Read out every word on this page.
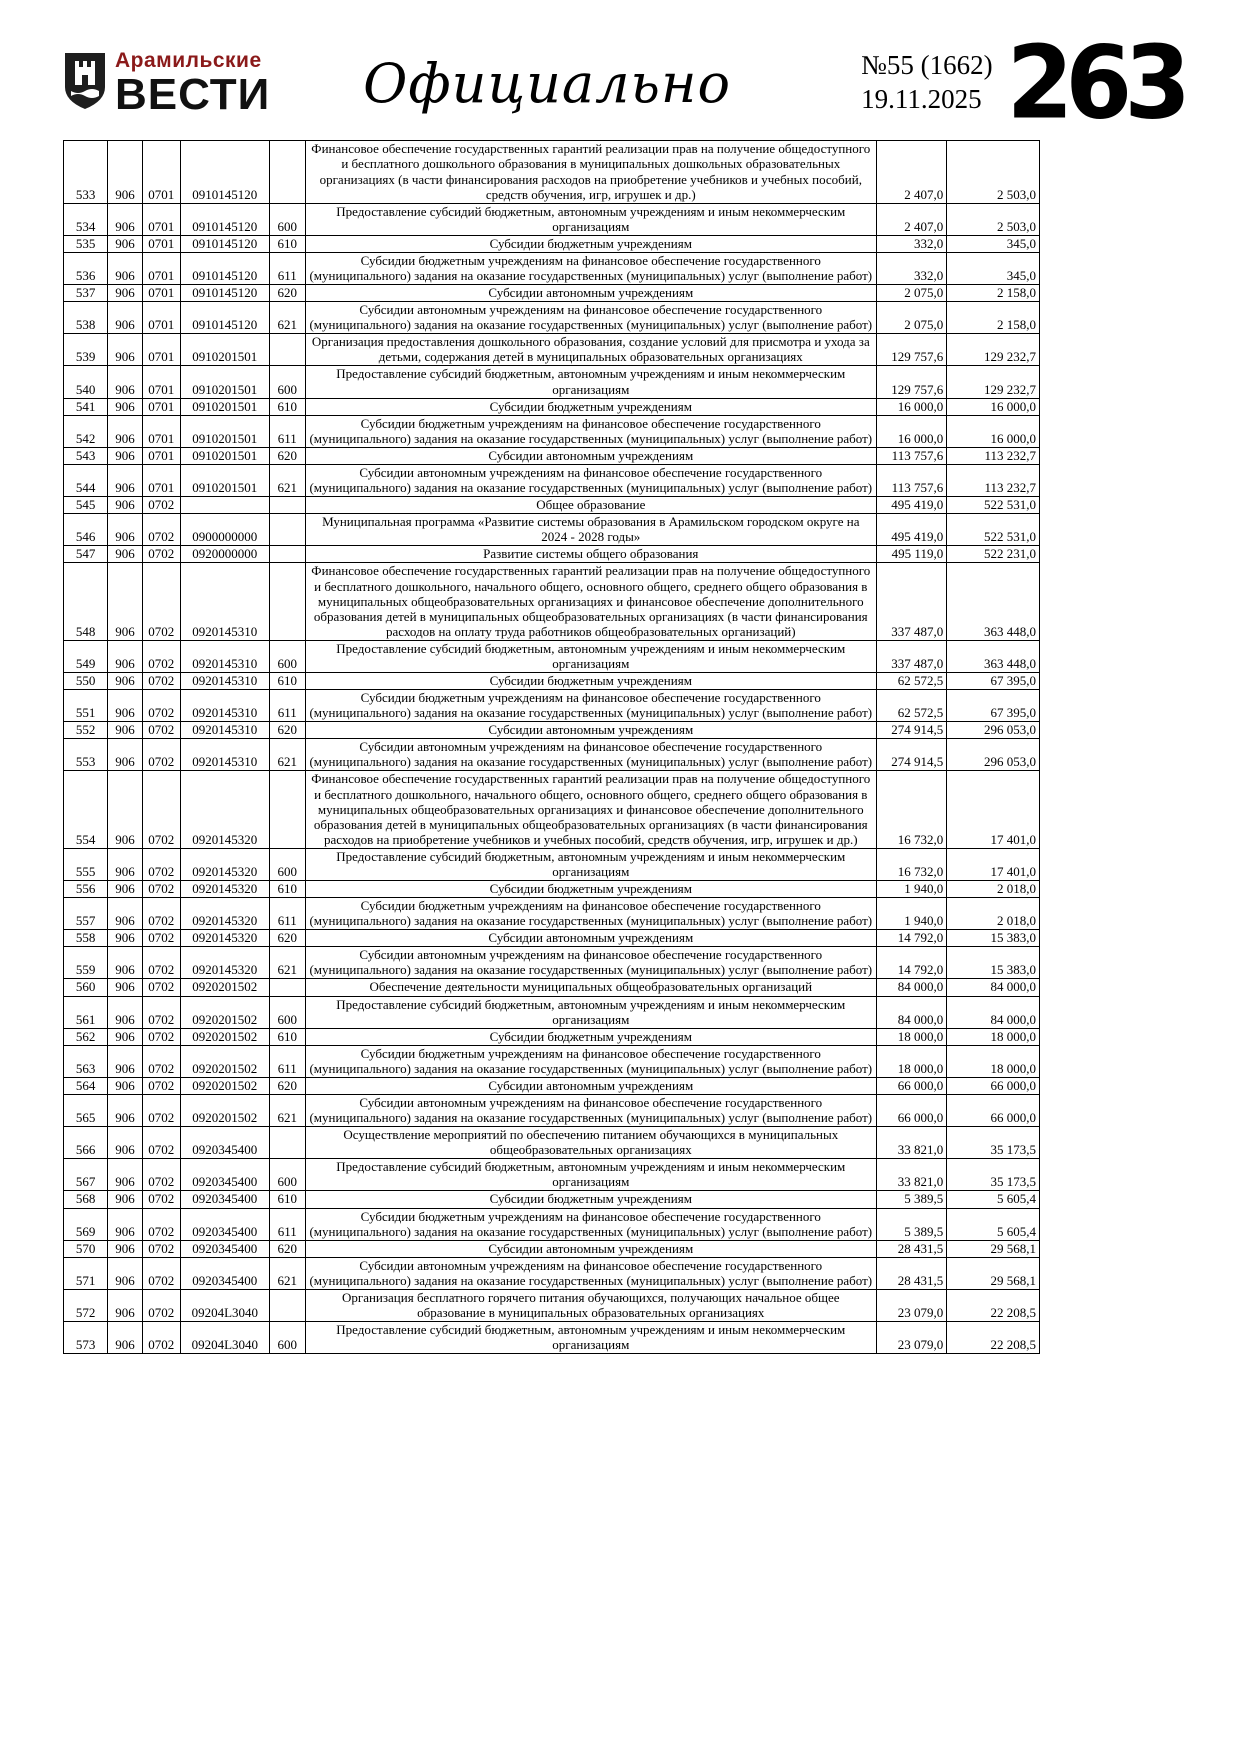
Арамильские
ВЕСТИ	Официально	№55 (1662)
19.11.2025 263
533	906	0701	0910145120		Финансовое обеспечение государственных гарантий реализации прав на получение общедоступного и бесплатного дошкольного образования в муниципальных дошкольных образовательных организациях (в части финансирования расходов на приобретение учебников и учебных пособий, средств обучения, игр, игрушек и др.)	2 407,0	2 503,0
534	906	0701	0910145120	600	Предоставление субсидий бюджетным, автономным учреждениям и иным некоммерческим организациям	2 407,0	2 503,0
535	906	0701	0910145120	610	Субсидии бюджетным учреждениям	332,0	345,0
536	906	0701	0910145120	611	Субсидии бюджетным учреждениям на финансовое обеспечение государственного (муниципального) задания на оказание государственных (муниципальных) услуг (выполнение работ)	332,0	345,0
537	906	0701	0910145120	620	Субсидии автономным учреждениям	2 075,0	2 158,0
538	906	0701	0910145120	621	Субсидии автономным учреждениям на финансовое обеспечение государственного (муниципального) задания на оказание государственных (муниципальных) услуг (выполнение работ)	2 075,0	2 158,0
539	906	0701	0910201501		Организация предоставления дошкольного образования, создание условий для присмотра и ухода за детьми, содержания детей в муниципальных образовательных организациях	129 757,6	129 232,7
540	906	0701	0910201501	600	Предоставление субсидий бюджетным, автономным учреждениям и иным некоммерческим организациям	129 757,6	129 232,7
541	906	0701	0910201501	610	Субсидии бюджетным учреждениям	16 000,0	16 000,0
542	906	0701	0910201501	611	Субсидии бюджетным учреждениям на финансовое обеспечение государственного (муниципального) задания на оказание государственных (муниципальных) услуг (выполнение работ)	16 000,0	16 000,0
543	906	0701	0910201501	620	Субсидии автономным учреждениям	113 757,6	113 232,7
544	906	0701	0910201501	621	Субсидии автономным учреждениям на финансовое обеспечение государственного (муниципального) задания на оказание государственных (муниципальных) услуг (выполнение работ)	113 757,6	113 232,7
545	906	0702			Общее образование	495 419,0	522 531,0
546	906	0702	0900000000		Муниципальная программа «Развитие системы образования в Арамильском городском округе на 2024 - 2028 годы»	495 419,0	522 531,0
547	906	0702	0920000000		Развитие системы общего образования	495 119,0	522 231,0
548	906	0702	0920145310		Финансовое обеспечение государственных гарантий реализации прав на получение общедоступного и бесплатного дошкольного, начального общего, основного общего, среднего общего образования в муниципальных общеобразовательных организациях и финансовое обеспечение дополнительного образования детей в муниципальных общеобразовательных организациях (в части финансирования расходов на оплату труда работников общеобразовательных организаций)	337 487,0	363 448,0
549	906	0702	0920145310	600	Предоставление субсидий бюджетным, автономным учреждениям и иным некоммерческим организациям	337 487,0	363 448,0
550	906	0702	0920145310	610	Субсидии бюджетным учреждениям	62 572,5	67 395,0
551	906	0702	0920145310	611	Субсидии бюджетным учреждениям на финансовое обеспечение государственного (муниципального) задания на оказание государственных (муниципальных) услуг (выполнение работ)	62 572,5	67 395,0
552	906	0702	0920145310	620	Субсидии автономным учреждениям	274 914,5	296 053,0
553	906	0702	0920145310	621	Субсидии автономным учреждениям на финансовое обеспечение государственного (муниципального) задания на оказание государственных (муниципальных) услуг (выполнение работ)	274 914,5	296 053,0
554	906	0702	0920145320		Финансовое обеспечение государственных гарантий реализации прав на получение общедоступного и бесплатного дошкольного, начального общего, основного общего, среднего общего образования в муниципальных общеобразовательных организациях и финансовое обеспечение дополнительного образования детей в муниципальных общеобразовательных организациях (в части финансирования расходов на приобретение учебников и учебных пособий, средств обучения, игр, игрушек и др.)	16 732,0	17 401,0
555	906	0702	0920145320	600	Предоставление субсидий бюджетным, автономным учреждениям и иным некоммерческим организациям	16 732,0	17 401,0
556	906	0702	0920145320	610	Субсидии бюджетным учреждениям	1 940,0	2 018,0
557	906	0702	0920145320	611	Субсидии бюджетным учреждениям на финансовое обеспечение государственного (муниципального) задания на оказание государственных (муниципальных) услуг (выполнение работ)	1 940,0	2 018,0
558	906	0702	0920145320	620	Субсидии автономным учреждениям	14 792,0	15 383,0
559	906	0702	0920145320	621	Субсидии автономным учреждениям на финансовое обеспечение государственного (муниципального) задания на оказание государственных (муниципальных) услуг (выполнение работ)	14 792,0	15 383,0
560	906	0702	0920201502		Обеспечение деятельности муниципальных общеобразовательных организаций	84 000,0	84 000,0
561	906	0702	0920201502	600	Предоставление субсидий бюджетным, автономным учреждениям и иным некоммерческим организациям	84 000,0	84 000,0
562	906	0702	0920201502	610	Субсидии бюджетным учреждениям	18 000,0	18 000,0
563	906	0702	0920201502	611	Субсидии бюджетным учреждениям на финансовое обеспечение государственного (муниципального) задания на оказание государственных (муниципальных) услуг (выполнение работ)	18 000,0	18 000,0
564	906	0702	0920201502	620	Субсидии автономным учреждениям	66 000,0	66 000,0
565	906	0702	0920201502	621	Субсидии автономным учреждениям на финансовое обеспечение государственного (муниципального) задания на оказание государственных (муниципальных) услуг (выполнение работ)	66 000,0	66 000,0
566	906	0702	0920345400		Осуществление мероприятий по обеспечению питанием обучающихся в муниципальных общеобразовательных организациях	33 821,0	35 173,5
567	906	0702	0920345400	600	Предоставление субсидий бюджетным, автономным учреждениям и иным некоммерческим организациям	33 821,0	35 173,5
568	906	0702	0920345400	610	Субсидии бюджетным учреждениям	5 389,5	5 605,4
569	906	0702	0920345400	611	Субсидии бюджетным учреждениям на финансовое обеспечение государственного (муниципального) задания на оказание государственных (муниципальных) услуг (выполнение работ)	5 389,5	5 605,4
570	906	0702	0920345400	620	Субсидии автономным учреждениям	28 431,5	29 568,1
571	906	0702	0920345400	621	Субсидии автономным учреждениям на финансовое обеспечение государственного (муниципального) задания на оказание государственных (муниципальных) услуг (выполнение работ)	28 431,5	29 568,1
572	906	0702	09204L3040		Организация бесплатного горячего питания обучающихся, получающих начальное общее образование в муниципальных образовательных организациях	23 079,0	22 208,5
573	906	0702	09204L3040	600	Предоставление субсидий бюджетным, автономным учреждениям и иным некоммерческим организациям	23 079,0	22 208,5
